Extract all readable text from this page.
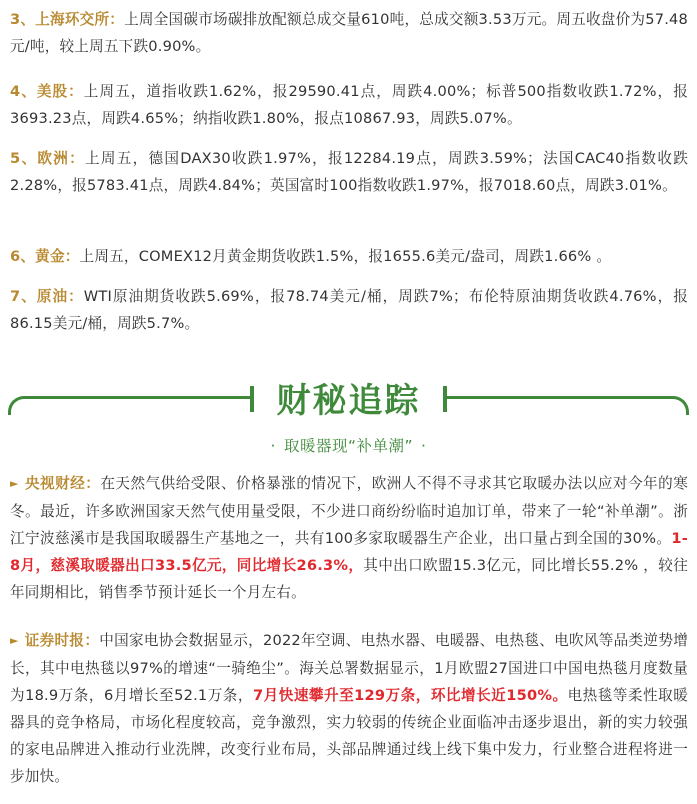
3、上海环交所：上周全国碳市场碳排放配额总成交量610吨，总成交额3.53万元。周五收盘价为57.48元/吨，较上周五下跌0.90%。
4、美股：上周五，道指收跌1.62%，报29590.41点，周跌4.00%；标普500指数收跌1.72%，报3693.23点，周跌4.65%；纳指收跌1.80%，报点10867.93，周跌5.07%。
5、欧洲：上周五，德国DAX30收跌1.97%，报12284.19点，周跌3.59%；法国CAC40指数收跌2.28%，报5783.41点，周跌4.84%；英国富时100指数收跌1.97%，报7018.60点，周跌3.01%。
6、黄金：上周五，COMEX12月黄金期货收跌1.5%，报1655.6美元/盎司，周跌1.66% 。
7、原油：WTI原油期货收跌5.69%，报78.74美元/桶，周跌7%；布伦特原油期货收跌4.76%，报86.15美元/桶，周跌5.7%。
财秘追踪
· 取暖器现“补单潮” ·
► 央视财经：在天然气供给受限、价格暴涨的情况下，欧洲人不得不寻求其它取暖办法以应对今年的寒冬。最近，许多欧洲国家天然气使用量受限，不少进口商纷纷临时追加订单，带来了一轮“补单潮”。浙江宁波慈溪市是我国取暖器生产基地之一，共有100多家取暖器生产企业，出口量占到全国的30%。1-8月，慈溪取暖器出口33.5亿元，同比增长26.3%，其中出口欧盟15.3亿元，同比增长55.2% ，较往年同期相比，销售季节预计延长一个月左右。
► 证券时报：中国家电协会数据显示，2022年空调、电热水器、电暖器、电热毯、电吹风等品类逆势增长，其中电热毯以97%的增速“一骑绝尘”。海关总署数据显示，1月欧盟27国进口中国电热毯月度数量为18.9万条，6月增长至52.1万条，7月快速攀升至129万条，环比增长近150%。电热毯等柔性取暖器具的竞争格局，市场化程度较高，竞争激烈，实力较弱的传统企业面临冲击逐步退出，新的实力较强的家电品牌进入推动行业洗牌，改变行业布局，头部品牌通过线上线下集中发力，行业整合进程将进一步加快。
